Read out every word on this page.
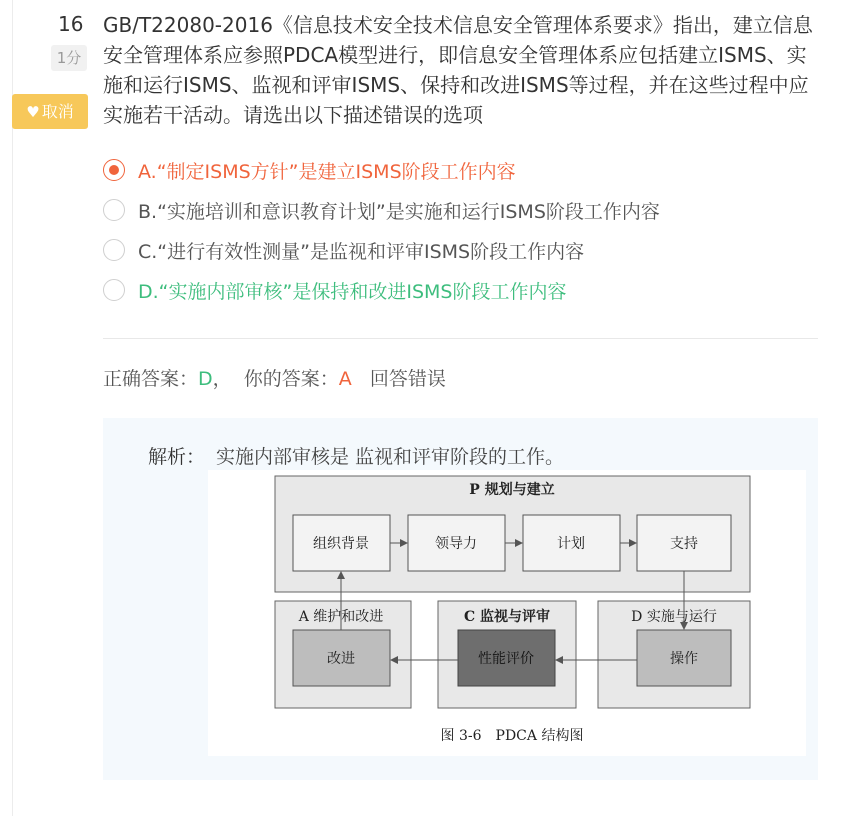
16
1分
♥ 取消
GB/T22080-2016《信息技术安全技术信息安全管理体系要求》指出，建立信息安全管理体系应参照PDCA模型进行，即信息安全管理体系应包括建立ISMS、实施和运行ISMS、监视和评审ISMS、保持和改进ISMS等过程，并在这些过程中应实施若干活动。请选出以下描述错误的选项
A.“制定ISMS方针”是建立ISMS阶段工作内容
B.“实施培训和意识教育计划”是实施和运行ISMS阶段工作内容
C.“进行有效性测量”是监视和评审ISMS阶段工作内容
D.“实施内部审核”是保持和改进ISMS阶段工作内容
正确答案：D， 你的答案：A 回答错误
解析： 实施内部审核是 监视和评审阶段的工作。
P 规划与建立
组织背景	领导力	计划	支持
A 维护和改进
改进
C 监视与评审
性能评价
D 实施与运行
操作
图 3-6　PDCA 结构图
